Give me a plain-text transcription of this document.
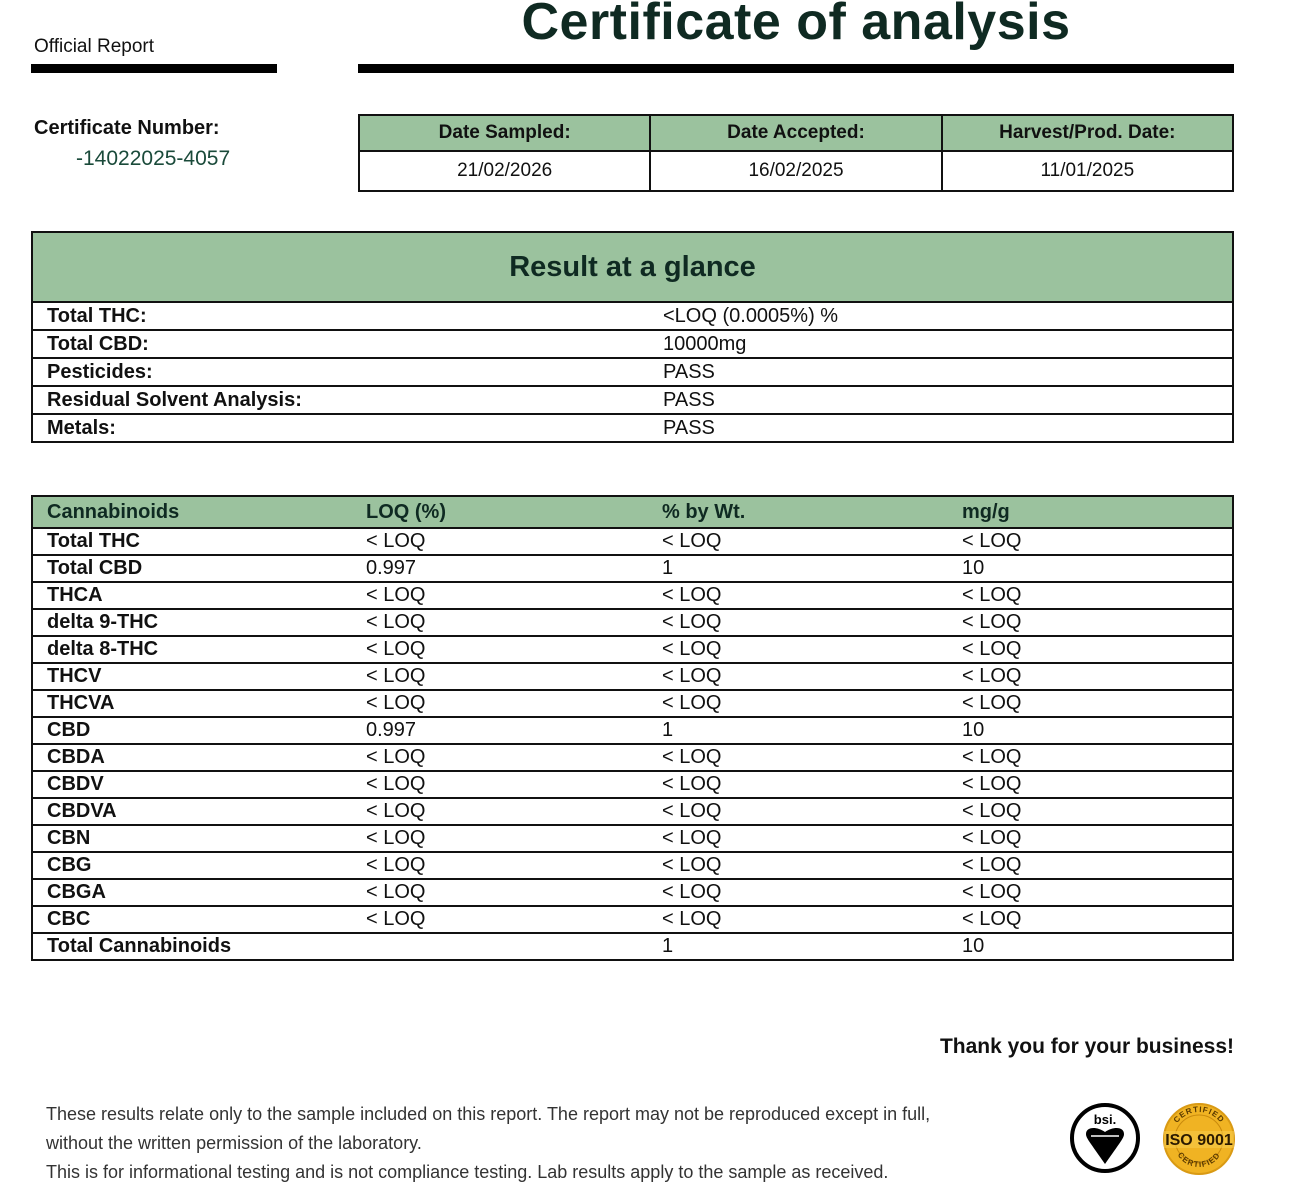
Official Report	Certificate of analysis
Certificate Number:
-14022025-4057
Date Sampled:	Date Accepted:	Harvest/Prod. Date:
21/02/2026	16/02/2025	11/01/2025
Result at a glance	
Total THC:	<LOQ (0.0005%) %
Total CBD:	10000mg
Pesticides:	PASS
Residual Solvent Analysis:	PASS
Metals:	PASS
Cannabinoids	LOQ (%)	% by Wt.	mg/g
Total THC	< LOQ	< LOQ	< LOQ
Total CBD	0.997	1	10
THCA	< LOQ	< LOQ	< LOQ
delta 9-THC	< LOQ	< LOQ	< LOQ
delta 8-THC	< LOQ	< LOQ	< LOQ
THCV	< LOQ	< LOQ	< LOQ
THCVA	< LOQ	< LOQ	< LOQ
CBD	0.997	1	10
CBDA	< LOQ	< LOQ	< LOQ
CBDV	< LOQ	< LOQ	< LOQ
CBDVA	< LOQ	< LOQ	< LOQ
CBN	< LOQ	< LOQ	< LOQ
CBG	< LOQ	< LOQ	< LOQ
CBGA	< LOQ	< LOQ	< LOQ
CBC	< LOQ	< LOQ	< LOQ
Total Cannabinoids		1	10
Thank you for your business!
These results relate only to the sample included on this report. The report may not be reproduced except in full,
without the written permission of the laboratory.
This is for informational testing and is not compliance testing. Lab results apply to the sample as received.
bsi.	CERTIFIED
CERTIFIED
ISO 9001
